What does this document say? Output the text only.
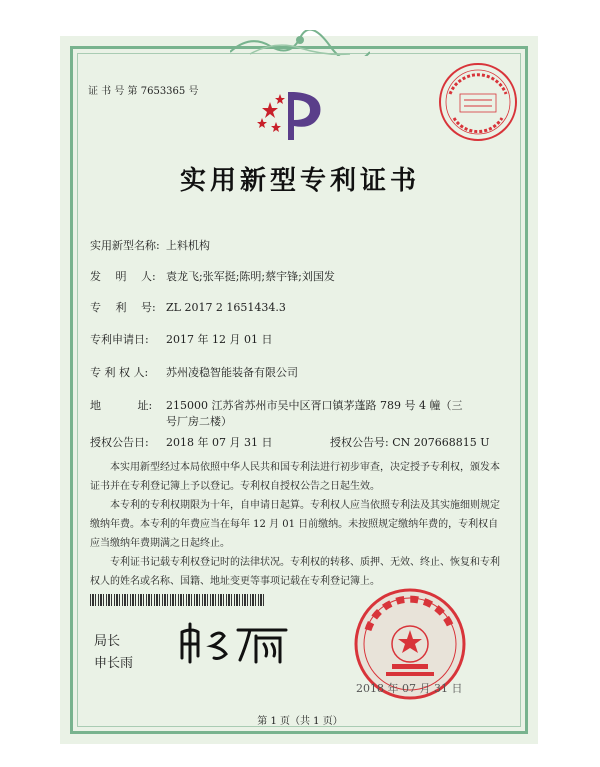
证 书 号 第 7653365 号
实用新型专利证书
实用新型名称: 上料机构
发　 明　 人: 袁龙飞;张军挺;陈明;蔡宇锋;刘国发
专　 利　 号: ZL 2017 2 1651434.3
专利申请日: 2017 年 12 月 01 日
专 利 权 人: 苏州凌稳智能装备有限公司
地　　　 址: 215000 江苏省苏州市吴中区胥口镇茅蓬路 789 号 4 幢（三
号厂房二楼）
授权公告日: 2018 年 07 月 31 日	授权公告号: CN 207668815 U
本实用新型经过本局依照中华人民共和国专利法进行初步审查，决定授予专利权，颁发本证书并在专利登记簿上予以登记。专利权自授权公告之日起生效。
本专利的专利权期限为十年，自申请日起算。专利权人应当依照专利法及其实施细则规定缴纳年费。本专利的年费应当在每年 12 月 01 日前缴纳。未按照规定缴纳年费的，专利权自应当缴纳年费期满之日起终止。
专利证书记载专利权登记时的法律状况。专利权的转移、质押、无效、终止、恢复和专利权人的姓名或名称、国籍、地址变更等事项记载在专利登记簿上。
局长
申长雨
2018 年 07 月 31 日
第 1 页（共 1 页）
